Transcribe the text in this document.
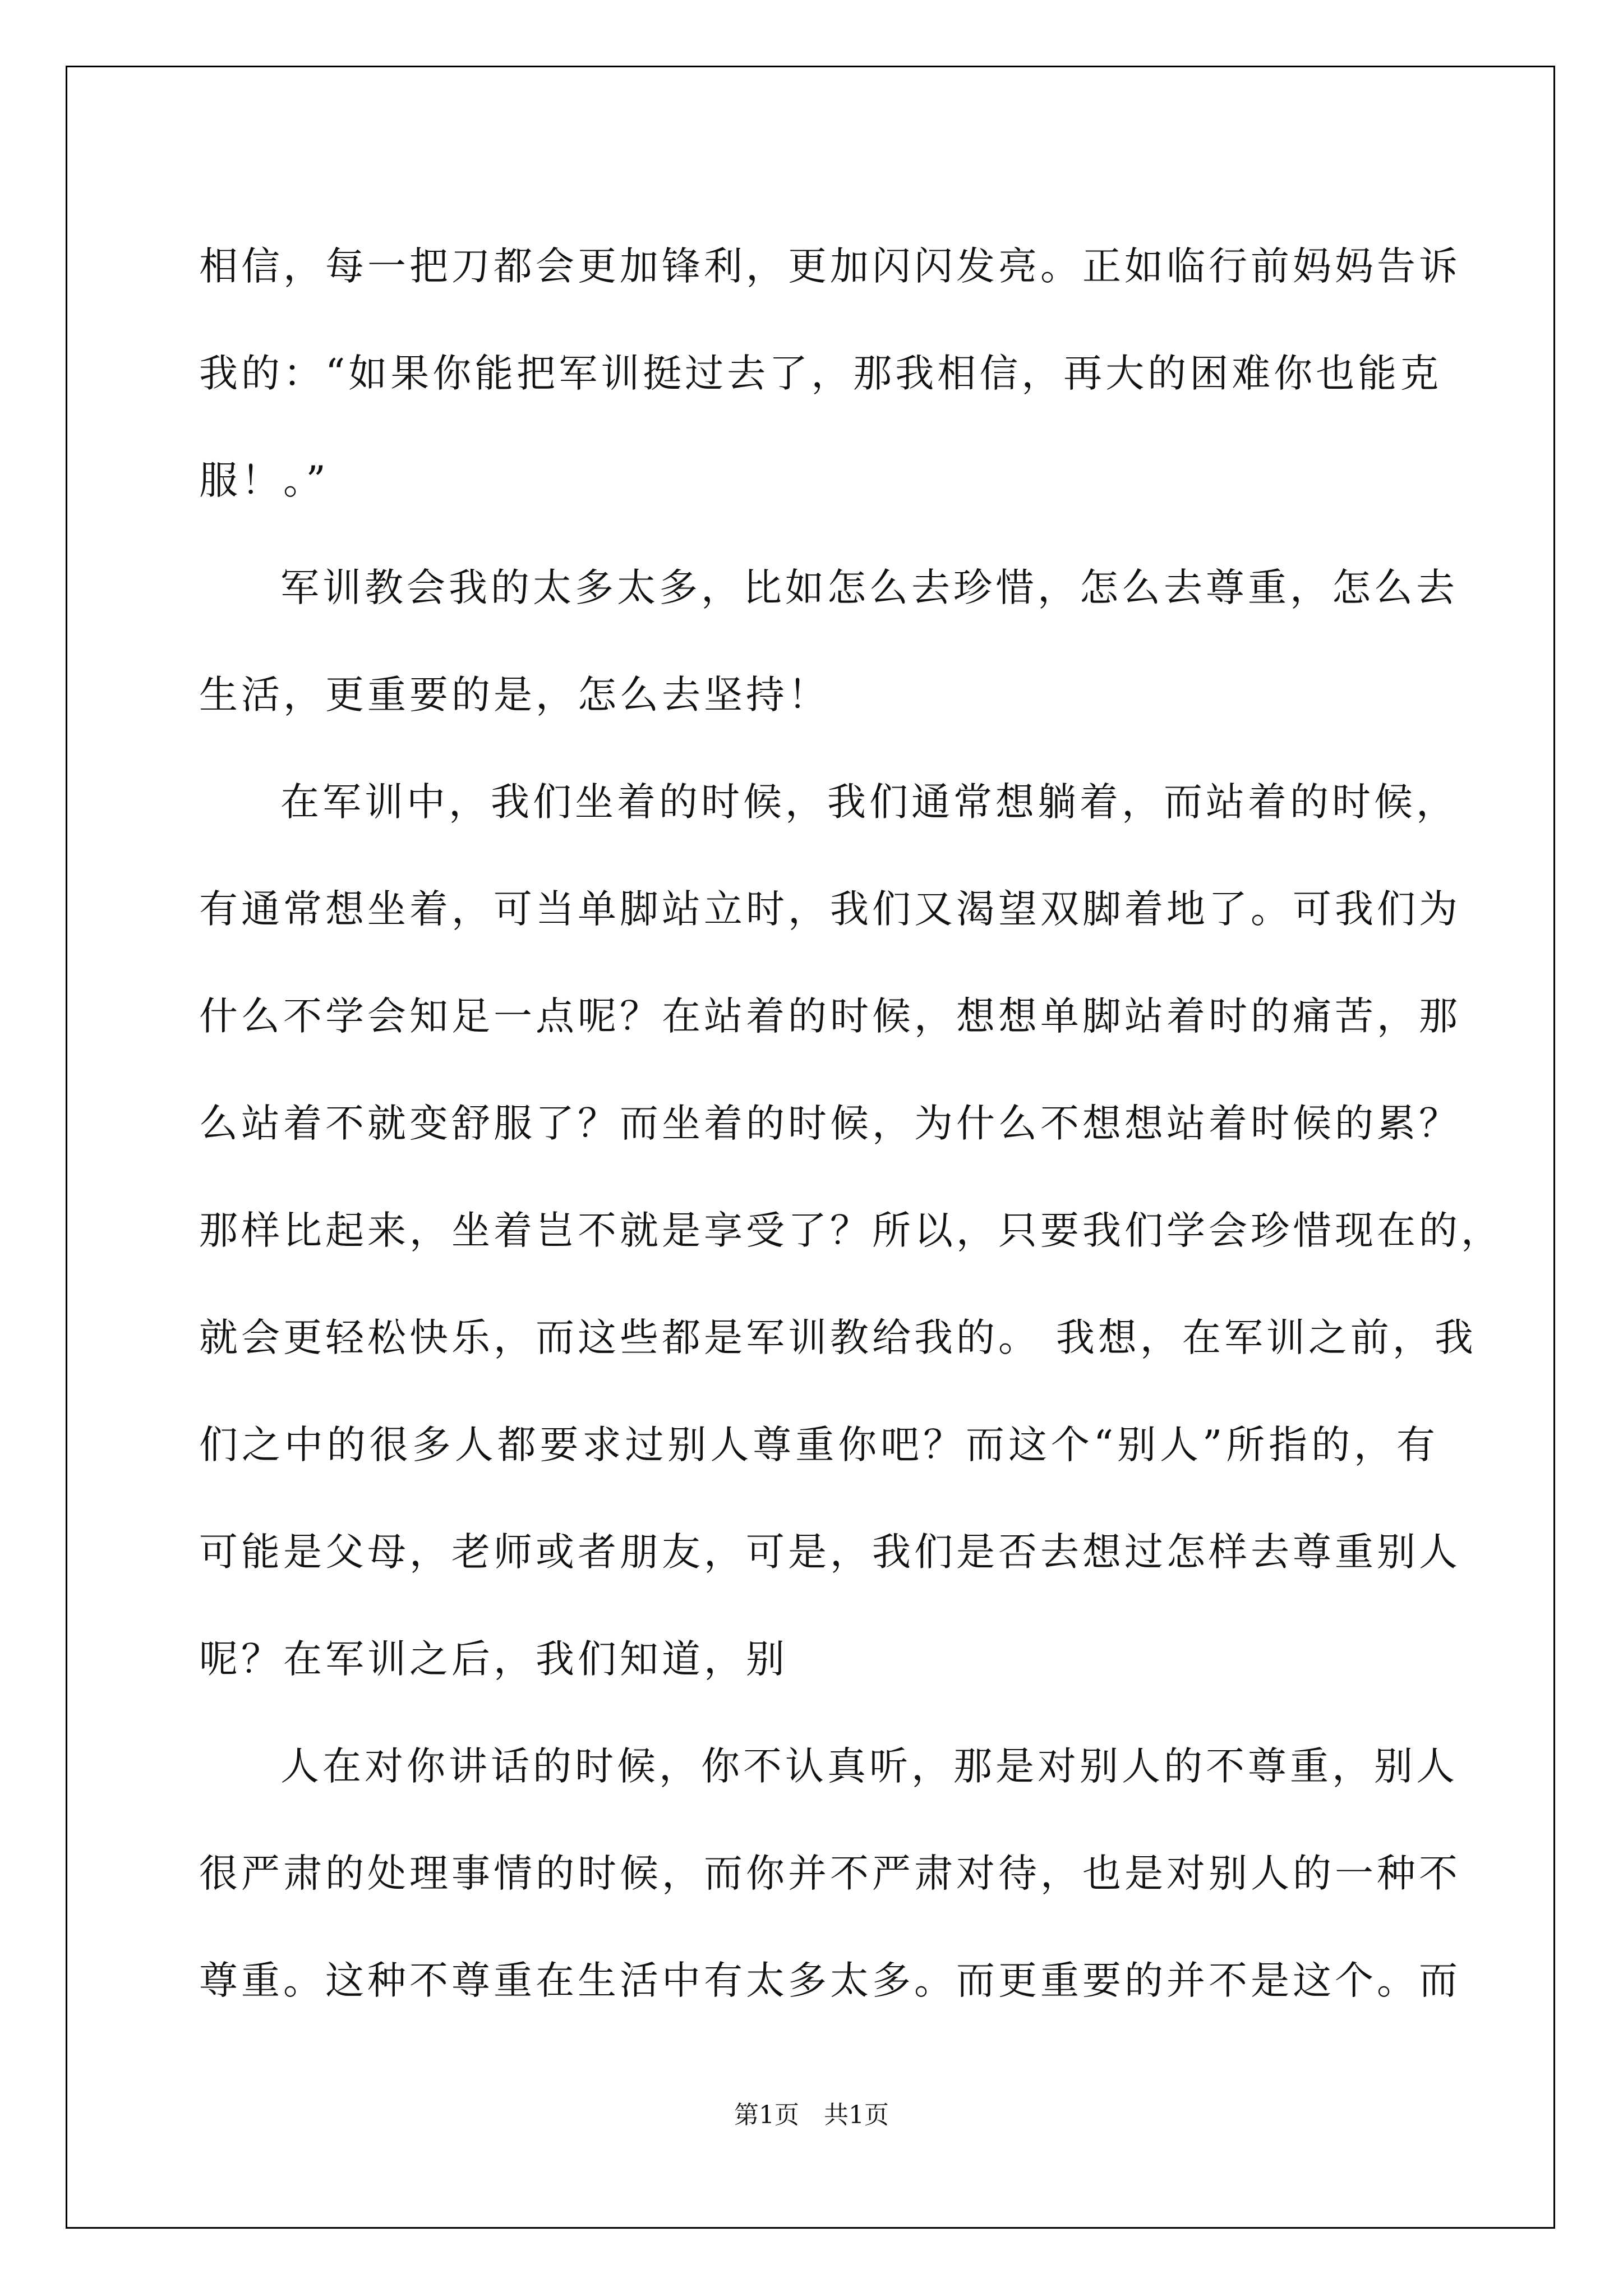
相信，每一把刀都会更加锋利，更加闪闪发亮。正如临行前妈妈告诉
我的：“如果你能把军训挺过去了，那我相信，再大的困难你也能克
服！。”
军训教会我的太多太多，比如怎么去珍惜，怎么去尊重，怎么去
生活，更重要的是，怎么去坚持！
在军训中，我们坐着的时候，我们通常想躺着，而站着的时候，
有通常想坐着，可当单脚站立时，我们又渴望双脚着地了。可我们为
什么不学会知足一点呢？在站着的时候，想想单脚站着时的痛苦，那
么站着不就变舒服了？而坐着的时候，为什么不想想站着时候的累？
那样比起来，坐着岂不就是享受了？所以，只要我们学会珍惜现在的，
就会更轻松快乐，而这些都是军训教给我的。 我想，在军训之前，我
们之中的很多人都要求过别人尊重你吧？而这个“别人”所指的，有
可能是父母，老师或者朋友，可是，我们是否去想过怎样去尊重别人
呢？在军训之后，我们知道，别
人在对你讲话的时候，你不认真听，那是对别人的不尊重，别人
很严肃的处理事情的时候，而你并不严肃对待，也是对别人的一种不
尊重。这种不尊重在生活中有太多太多。而更重要的并不是这个。而
第1页　共1页
